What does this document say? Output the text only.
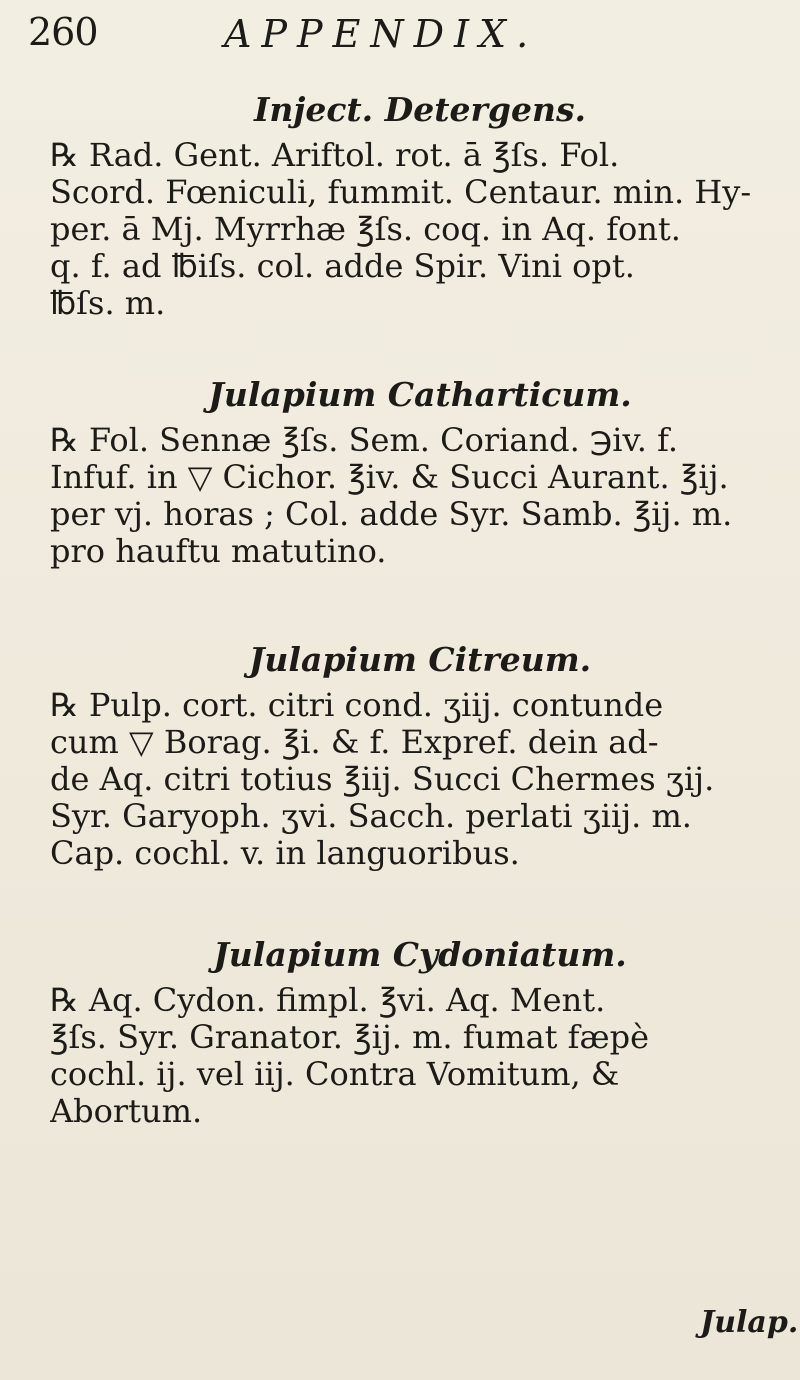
260	APPENDIX.
Inject. Detergens.
℞ Rad. Gent. Ariftol. rot. ā ℥ſs. Fol.
Scord. Fœniculi, fummit. Centaur. min. Hy-
per. ā Mj. Myrrhæ ℥ſs. coq. in Aq. font.
q. f. ad ℔iſs. col. adde Spir. Vini opt.
℔ſs. m.
Julapium Catharticum.
℞ Fol. Sennæ ℥ſs. Sem. Coriand. ℈iv. f.
Infuf. in ▽ Cichor. ℥iv. & Succi Aurant. ℥ij.
per vj. horas ; Col. adde Syr. Samb. ℥ij. m.
pro hauftu matutino.
Julapium Citreum.
℞ Pulp. cort. citri cond. ʒiij. contunde
cum ▽ Borag. ℥i. & f. Expref. dein ad-
de Aq. citri totius ℥iij. Succi Chermes ʒij.
Syr. Garyoph. ʒvi. Sacch. perlati ʒiij. m.
Cap. cochl. v. in languoribus.
Julapium Cydoniatum.
℞ Aq. Cydon. fimpl. ℥vi. Aq. Ment.
℥ſs. Syr. Granator. ℥ij. m. fumat fæpè
cochl. ij. vel iij. Contra Vomitum, &
Abortum.
Julap.
